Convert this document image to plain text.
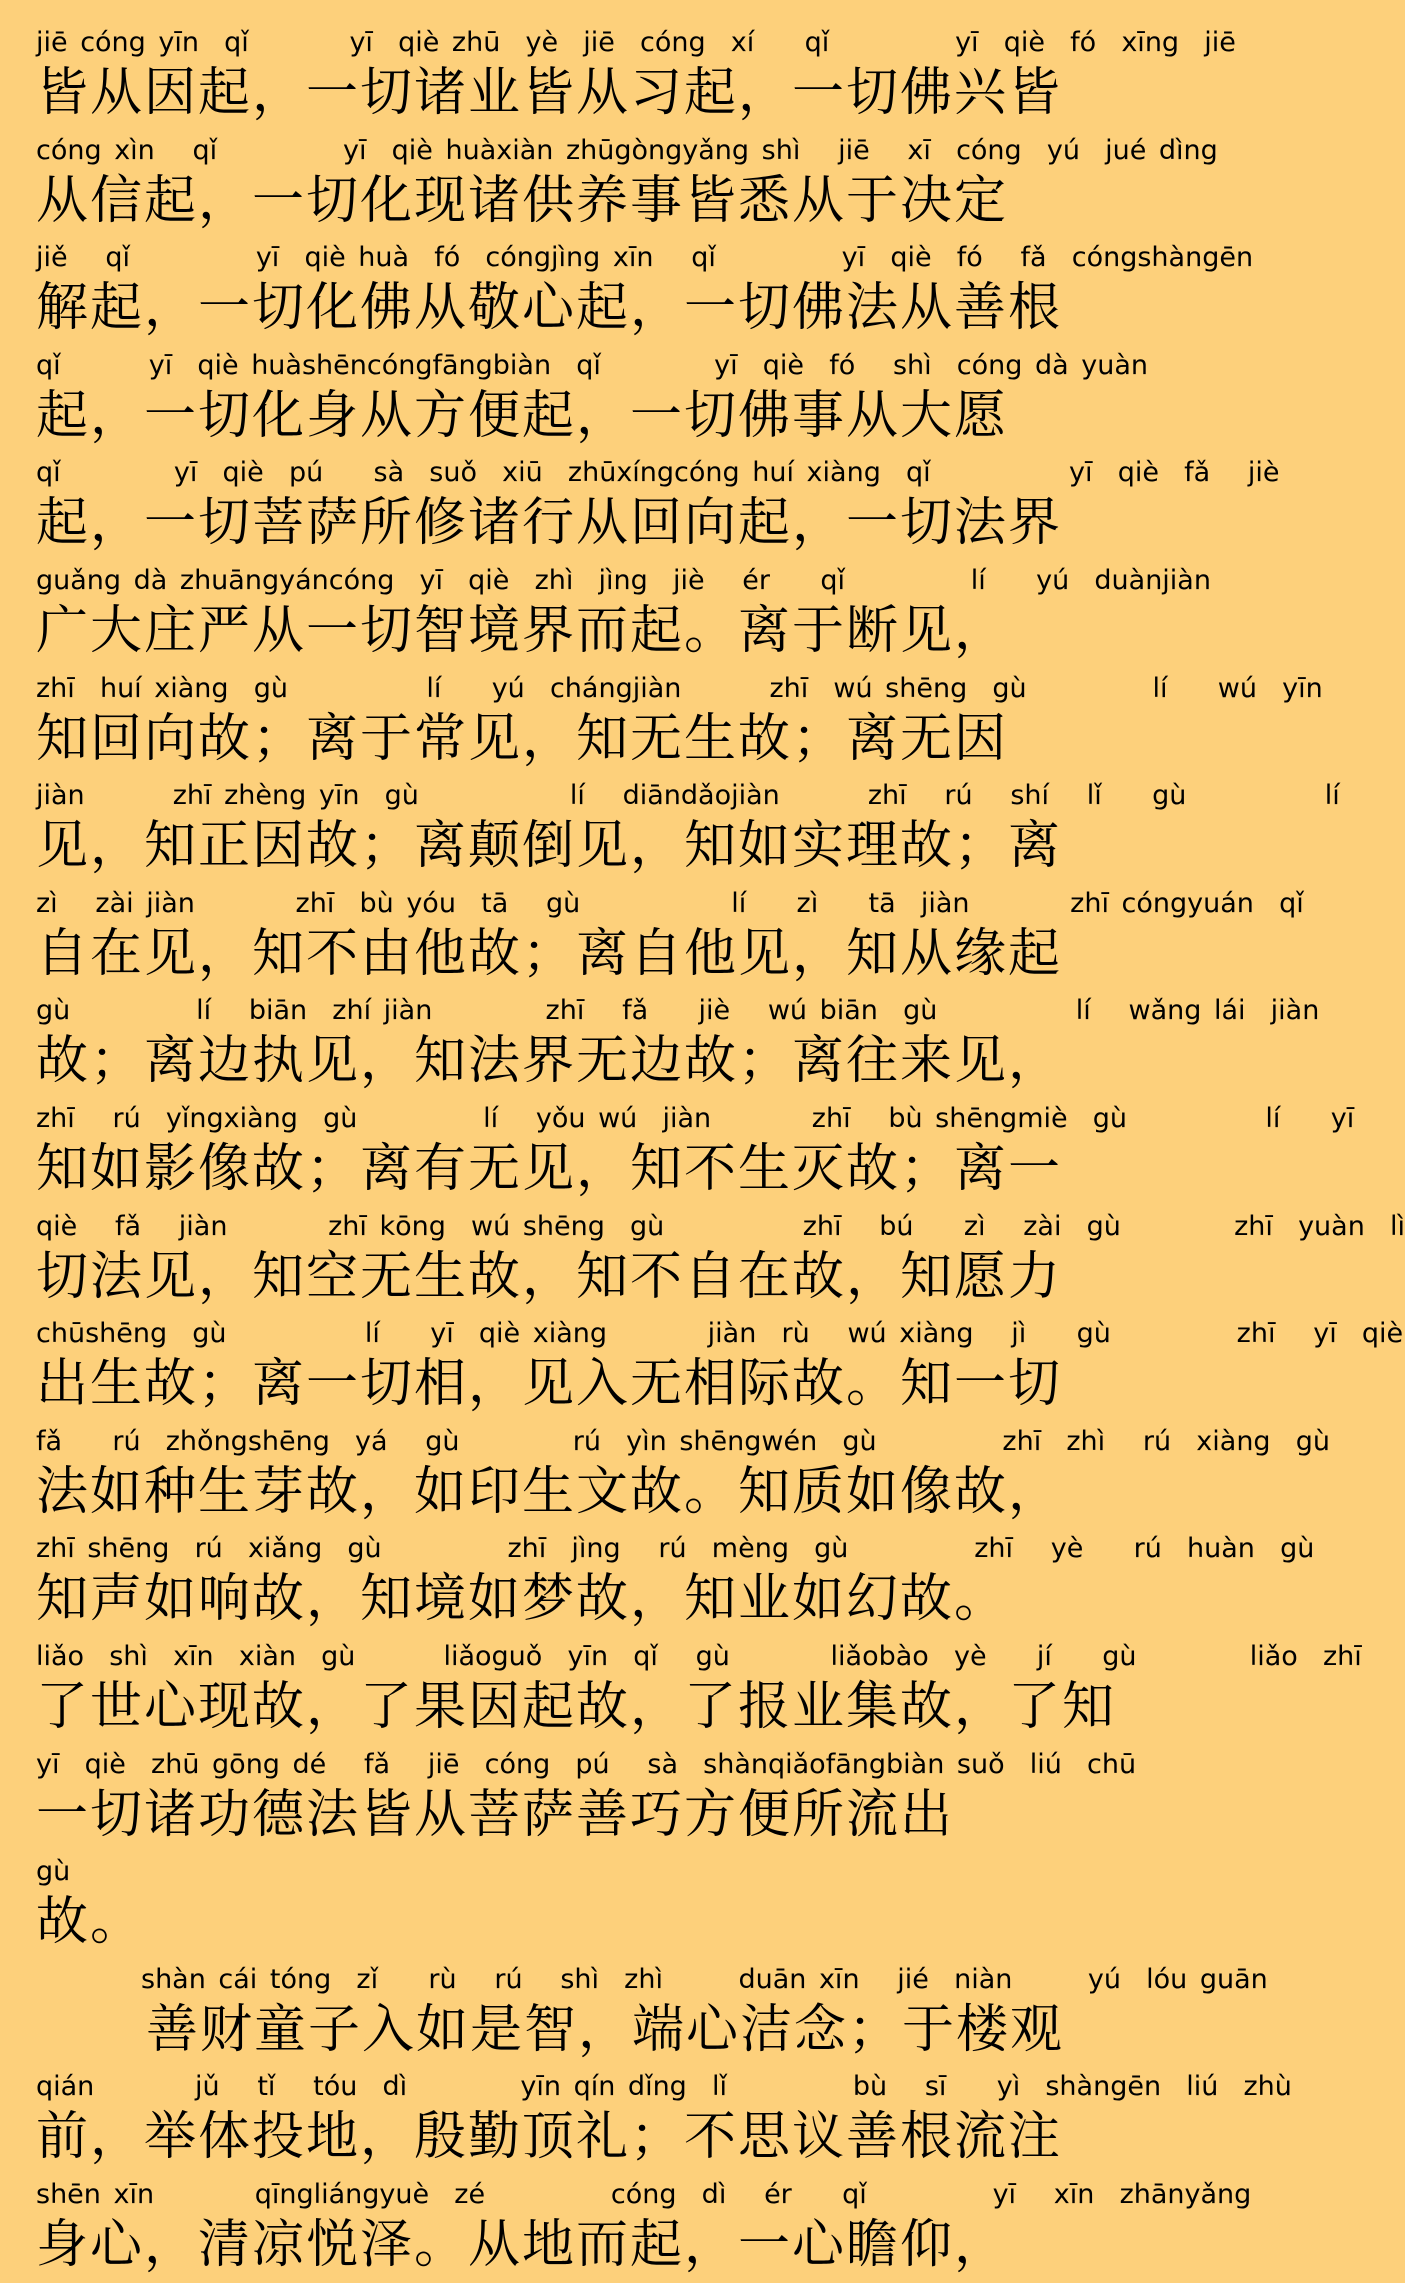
jiē cóng yīn  qǐ        yī  qiè zhū  yè  jiē  cóng  xí    qǐ          yī  qiè  fó  xīng  jiē
皆从因起，一切诸业皆从习起，一切佛兴皆
cóng xìn   qǐ          yī  qiè huàxiàn zhūgòngyǎng shì   jiē   xī  cóng  yú  jué dìng
从信起，一切化现诸供养事皆悉从于决定
jiě   qǐ          yī  qiè huà  fó  cóngjìng xīn   qǐ          yī  qiè  fó   fǎ  cóngshàngēn
解起，一切化佛从敬心起，一切佛法从善根
qǐ       yī  qiè huàshēncóngfāngbiàn  qǐ         yī  qiè  fó   shì  cóng dà yuàn
起，一切化身从方便起，一切佛事从大愿
qǐ         yī  qiè  pú    sà  suǒ  xiū  zhūxíngcóng huí xiàng  qǐ           yī  qiè  fǎ   jiè
起，一切菩萨所修诸行从回向起，一切法界
guǎng dà zhuāngyáncóng  yī  qiè  zhì  jìng  jiè   ér    qǐ          lí    yú  duànjiàn
广大庄严从一切智境界而起。离于断见，
zhī  huí xiàng  gù           lí    yú  chángjiàn       zhī  wú shēng  gù          lí    wú  yīn
知回向故；离于常见，知无生故；离无因
jiàn       zhī zhèng yīn  gù            lí   diāndǎojiàn       zhī   rú   shí   lǐ    gù           lí
见，知正因故；离颠倒见，知如实理故；离
zì   zài jiàn        zhī  bù yóu  tā   gù            lí    zì    tā  jiàn        zhī cóngyuán  qǐ
自在见，知不由他故；离自他见，知从缘起
gù          lí   biān  zhí jiàn         zhī   fǎ    jiè   wú biān  gù           lí   wǎng lái  jiàn
故；离边执见，知法界无边故；离往来见，
zhī   rú  yǐngxiàng  gù          lí   yǒu wú  jiàn        zhī   bù shēngmiè  gù           lí    yī
知如影像故；离有无见，知不生灭故；离一
qiè   fǎ   jiàn        zhī kōng  wú shēng  gù           zhī   bú    zì   zài  gù         zhī  yuàn  lì
切法见，知空无生故，知不自在故，知愿力
chūshēng  gù           lí    yī  qiè xiàng        jiàn  rù   wú xiàng   jì    gù          zhī   yī  qiè
出生故；离一切相，见入无相际故。知一切
fǎ    rú  zhǒngshēng  yá   gù         rú  yìn shēngwén  gù          zhī  zhì   rú  xiàng  gù
法如种生芽故，如印生文故。知质如像故，
zhī shēng  rú  xiǎng  gù          zhī  jìng   rú  mèng  gù          zhī   yè    rú  huàn  gù
知声如响故，知境如梦故，知业如幻故。
liǎo  shì  xīn  xiàn  gù       liǎoguǒ  yīn  qǐ   gù        liǎobào  yè    jí    gù         liǎo  zhī
了世心现故，了果因起故，了报业集故，了知
yī  qiè  zhū gōng dé   fǎ   jiē  cóng  pú   sà  shànqiǎofāngbiàn suǒ  liú  chū
一切诸功德法皆从菩萨善巧方便所流出
gù
故。
shàn cái tóng  zǐ    rù   rú   shì  zhì      duān xīn   jié  niàn      yú  lóu guān
善财童子入如是智，端心洁念；于楼观
qián        jǔ   tǐ   tóu  dì         yīn qín dǐng  lǐ          bù   sī    yì  shàngēn  liú  zhù
前，举体投地，殷勤顶礼；不思议善根流注
shēn xīn        qīngliángyuè  zé          cóng  dì   ér    qǐ          yī   xīn  zhānyǎng
身心，清凉悦泽。从地而起，一心瞻仰，
